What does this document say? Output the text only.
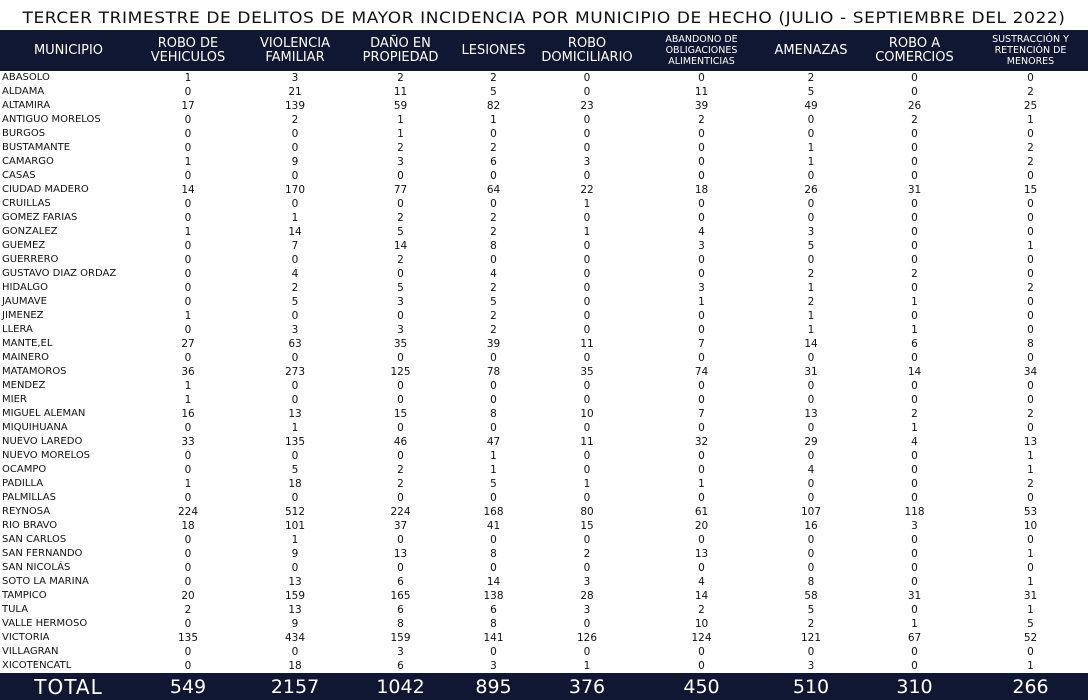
TERCER TRIMESTRE DE DELITOS DE MAYOR INCIDENCIA POR MUNICIPIO DE HECHO (JULIO - SEPTIEMBRE DEL 2022)
MUNICIPIO	ROBO DE VEHICULOS	VIOLENCIA FAMILIAR	DAÑO EN PROPIEDAD	LESIONES	ROBO DOMICILIARIO	ABANDONO DE OBLIGACIONES ALIMENTICIAS	AMENAZAS	ROBO A COMERCIOS	SUSTRACCIÓN Y RETENCIÓN DE MENORES
ABASOLO	1	3	2	2	0	0	2	0	0
ALDAMA	0	21	11	5	0	11	5	0	2
ALTAMIRA	17	139	59	82	23	39	49	26	25
ANTIGUO MORELOS	0	2	1	1	0	2	0	2	1
BURGOS	0	0	1	0	0	0	0	0	0
BUSTAMANTE	0	0	2	2	0	0	1	0	2
CAMARGO	1	9	3	6	3	0	1	0	2
CASAS	0	0	0	0	0	0	0	0	0
CIUDAD MADERO	14	170	77	64	22	18	26	31	15
CRUILLAS	0	0	0	0	1	0	0	0	0
GOMEZ FARIAS	0	1	2	2	0	0	0	0	0
GONZALEZ	1	14	5	2	1	4	3	0	0
GUEMEZ	0	7	14	8	0	3	5	0	1
GUERRERO	0	0	2	0	0	0	0	0	0
GUSTAVO DIAZ ORDAZ	0	4	0	4	0	0	2	2	0
HIDALGO	0	2	5	2	0	3	1	0	2
JAUMAVE	0	5	3	5	0	1	2	1	0
JIMENEZ	1	0	0	2	0	0	1	0	0
LLERA	0	3	3	2	0	0	1	1	0
MANTE,EL	27	63	35	39	11	7	14	6	8
MAINERO	0	0	0	0	0	0	0	0	0
MATAMOROS	36	273	125	78	35	74	31	14	34
MENDEZ	1	0	0	0	0	0	0	0	0
MIER	1	0	0	0	0	0	0	0	0
MIGUEL ALEMAN	16	13	15	8	10	7	13	2	2
MIQUIHUANA	0	1	0	0	0	0	0	1	0
NUEVO LAREDO	33	135	46	47	11	32	29	4	13
NUEVO MORELOS	0	0	0	1	0	0	0	0	1
OCAMPO	0	5	2	1	0	0	4	0	1
PADILLA	1	18	2	5	1	1	0	0	2
PALMILLAS	0	0	0	0	0	0	0	0	0
REYNOSA	224	512	224	168	80	61	107	118	53
RIO BRAVO	18	101	37	41	15	20	16	3	10
SAN CARLOS	0	1	0	0	0	0	0	0	0
SAN FERNANDO	0	9	13	8	2	13	0	0	1
SAN NICOLÁS	0	0	0	0	0	0	0	0	0
SOTO LA MARINA	0	13	6	14	3	4	8	0	1
TAMPICO	20	159	165	138	28	14	58	31	31
TULA	2	13	6	6	3	2	5	0	1
VALLE HERMOSO	0	9	8	8	0	10	2	1	5
VICTORIA	135	434	159	141	126	124	121	67	52
VILLAGRAN	0	0	3	0	0	0	0	0	0
XICOTENCATL	0	18	6	3	1	0	3	0	1
TOTAL	549	2157	1042	895	376	450	510	310	266
